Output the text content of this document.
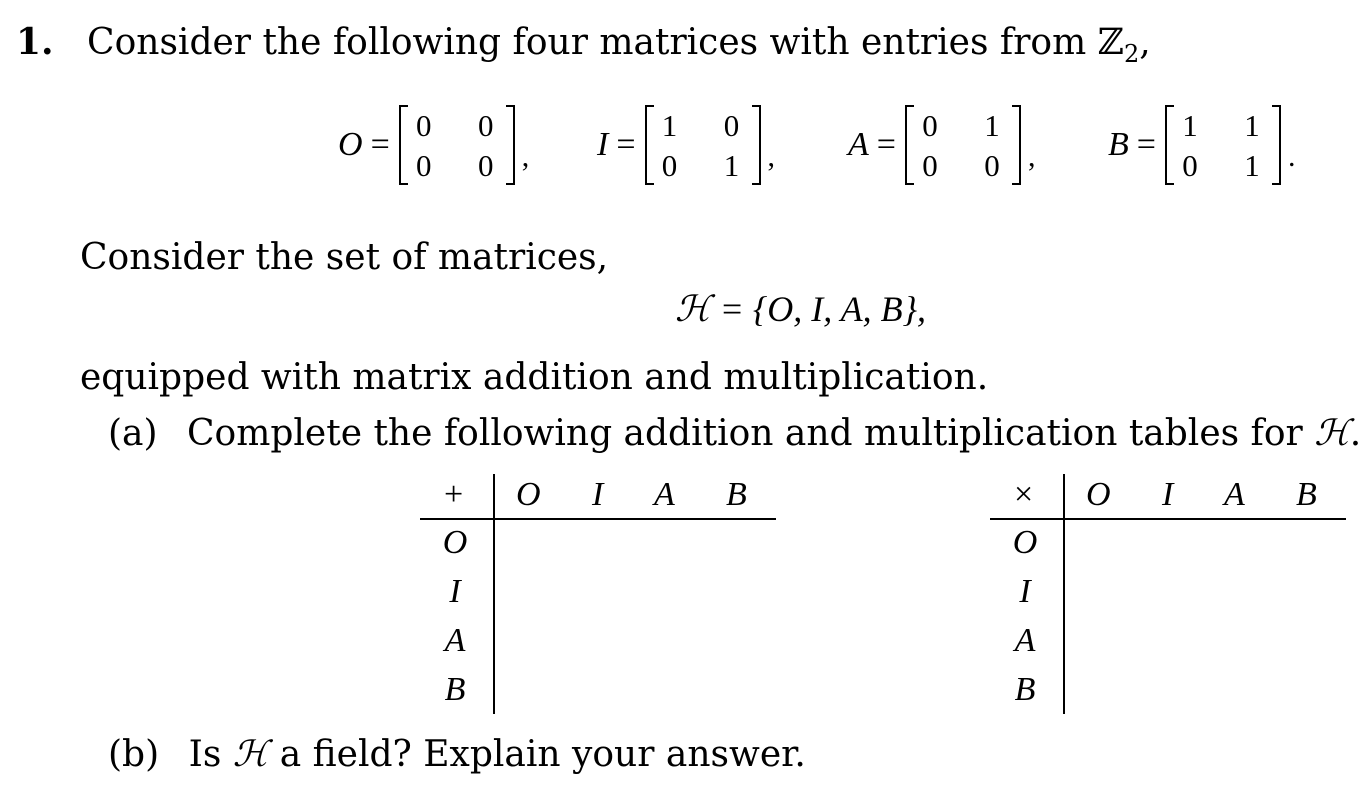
1. Consider the following four matrices with entries from ℤ$_2$,
O =
0 0
0 0 , I =
1 0
0 1 , A =
0 1
0 0 , B =
1 1
0 1 .
Consider the set of matrices,
ℋ = {O, I, A, B},
equipped with matrix addition and multiplication.
(a) Complete the following addition and multiplication tables for ℋ.
+ O I A B
O
I
A
B
× O I A B
O
I
A
B
(b) Is ℋ a field? Explain your answer.
